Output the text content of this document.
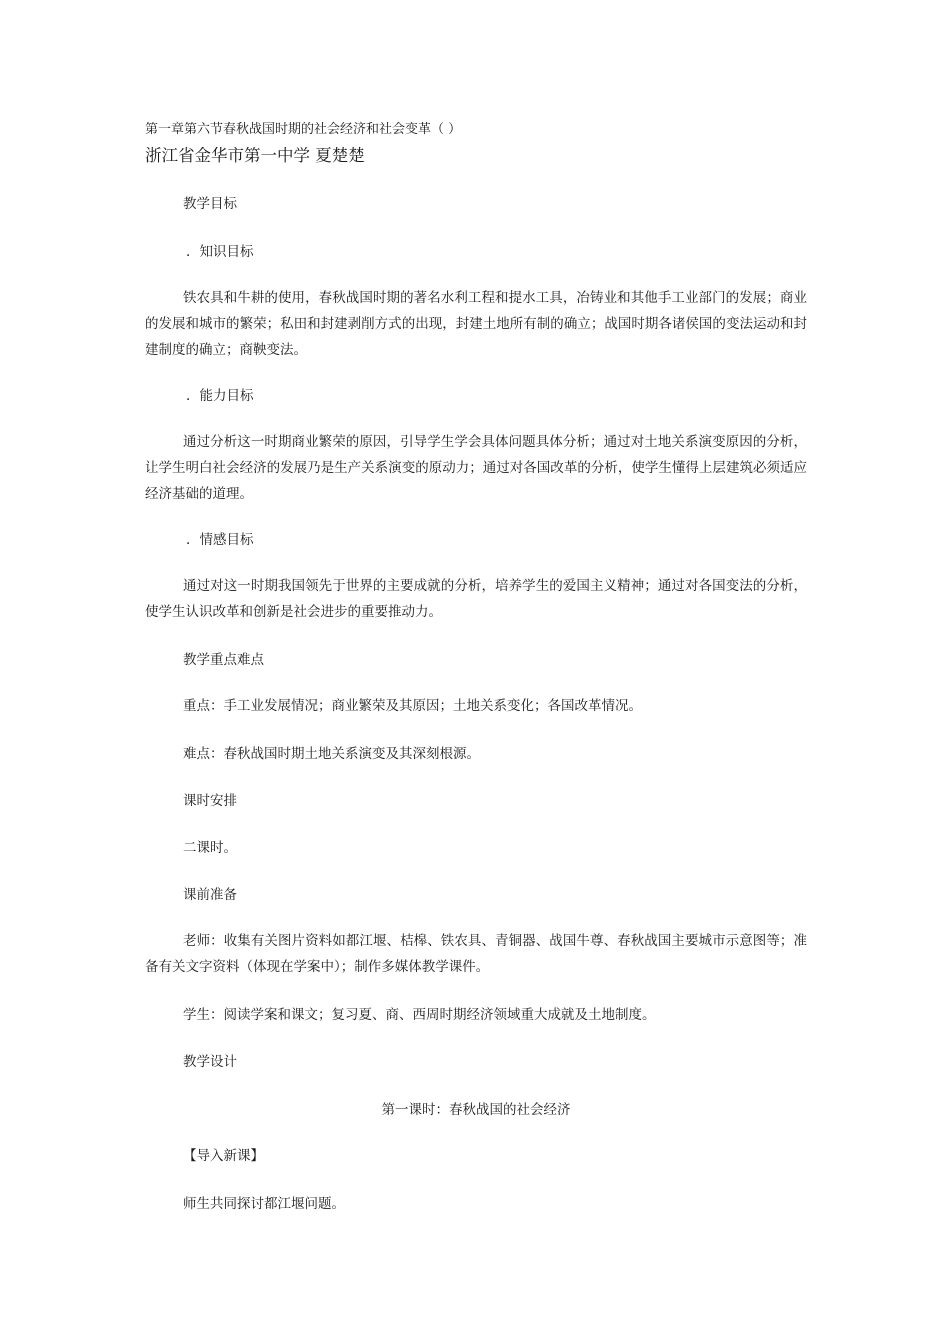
第一章第六节春秋战国时期的社会经济和社会变革（ ）
浙江省金华市第一中学 夏楚楚
教学目标
．知识目标
铁农具和牛耕的使用，春秋战国时期的著名水利工程和提水工具，冶铸业和其他手工业部门的发展；商业的发展和城市的繁荣；私田和封建剥削方式的出现，封建土地所有制的确立；战国时期各诸侯国的变法运动和封建制度的确立；商鞅变法。
．能力目标
通过分析这一时期商业繁荣的原因，引导学生学会具体问题具体分析；通过对土地关系演变原因的分析，让学生明白社会经济的发展乃是生产关系演变的原动力；通过对各国改革的分析，使学生懂得上层建筑必须适应经济基础的道理。
．情感目标
通过对这一时期我国领先于世界的主要成就的分析，培养学生的爱国主义精神；通过对各国变法的分析，使学生认识改革和创新是社会进步的重要推动力。
教学重点难点
重点：手工业发展情况；商业繁荣及其原因；土地关系变化；各国改革情况。
难点：春秋战国时期土地关系演变及其深刻根源。
课时安排
二课时。
课前准备
老师：收集有关图片资料如都江堰、桔槔、铁农具、青铜器、战国牛尊、春秋战国主要城市示意图等；准备有关文字资料（体现在学案中）；制作多媒体教学课件。
学生：阅读学案和课文；复习夏、商、西周时期经济领域重大成就及土地制度。
教学设计
第一课时：春秋战国的社会经济
【导入新课】
师生共同探讨都江堰问题。
